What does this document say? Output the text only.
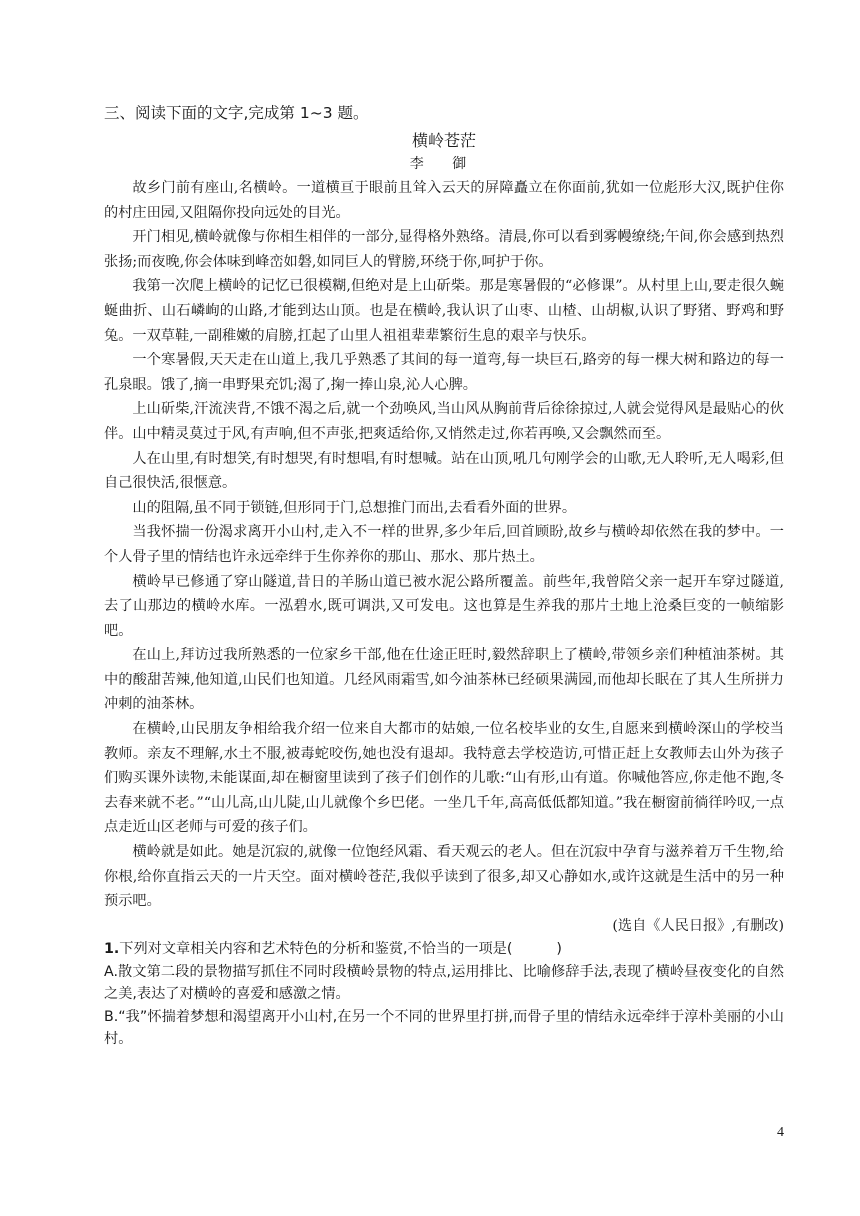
三、阅读下面的文字,完成第 1~3 题。
横岭苍茫
李 御

故乡门前有座山,名横岭。一道横亘于眼前且耸入云天的屏障矗立在你面前,犹如一位彪形大汉,既护住你的村庄田园,又阻隔你投向远处的目光。

开门相见,横岭就像与你相生相伴的一部分,显得格外熟络。清晨,你可以看到雾幔缭绕;午间,你会感到热烈张扬;而夜晚,你会体味到峰峦如磐,如同巨人的臂膀,环绕于你,呵护于你。

我第一次爬上横岭的记忆已很模糊,但绝对是上山斫柴。那是寒暑假的“必修课”。从村里上山,要走很久蜿蜒曲折、山石嶙峋的山路,才能到达山顶。也是在横岭,我认识了山枣、山楂、山胡椒,认识了野猪、野鸡和野兔。一双草鞋,一副稚嫩的肩膀,扛起了山里人祖祖辈辈繁衍生息的艰辛与快乐。

一个寒暑假,天天走在山道上,我几乎熟悉了其间的每一道弯,每一块巨石,路旁的每一棵大树和路边的每一孔泉眼。饿了,摘一串野果充饥;渴了,掬一捧山泉,沁人心脾。

上山斫柴,汗流浃背,不饿不渴之后,就一个劲唤风,当山风从胸前背后徐徐掠过,人就会觉得风是最贴心的伙伴。山中精灵莫过于风,有声响,但不声张,把爽适给你,又悄然走过,你若再唤,又会飘然而至。

人在山里,有时想笑,有时想哭,有时想唱,有时想喊。站在山顶,吼几句刚学会的山歌,无人聆听,无人喝彩,但自己很快活,很惬意。

山的阻隔,虽不同于锁链,但形同于门,总想推门而出,去看看外面的世界。

当我怀揣一份渴求离开小山村,走入不一样的世界,多少年后,回首顾盼,故乡与横岭却依然在我的梦中。一个人骨子里的情结也许永远牵绊于生你养你的那山、那水、那片热土。

横岭早已修通了穿山隧道,昔日的羊肠山道已被水泥公路所覆盖。前些年,我曾陪父亲一起开车穿过隧道,去了山那边的横岭水库。一泓碧水,既可调洪,又可发电。这也算是生养我的那片土地上沧桑巨变的一帧缩影吧。

在山上,拜访过我所熟悉的一位家乡干部,他在仕途正旺时,毅然辞职上了横岭,带领乡亲们种植油茶树。其中的酸甜苦辣,他知道,山民们也知道。几经风雨霜雪,如今油茶林已经硕果满园,而他却长眠在了其人生所拼力冲刺的油茶林。

在横岭,山民朋友争相给我介绍一位来自大都市的姑娘,一位名校毕业的女生,自愿来到横岭深山的学校当教师。亲友不理解,水土不服,被毒蛇咬伤,她也没有退却。我特意去学校造访,可惜正赶上女教师去山外为孩子们购买课外读物,未能谋面,却在橱窗里读到了孩子们创作的儿歌:“山有形,山有道。你喊他答应,你走他不跑,冬去春来就不老。”“山儿高,山儿陡,山儿就像个乡巴佬。一坐几千年,高高低低都知道。”我在橱窗前徜徉吟叹,一点点走近山区老师与可爱的孩子们。

横岭就是如此。她是沉寂的,就像一位饱经风霜、看天观云的老人。但在沉寂中孕育与滋养着万千生物,给你根,给你直指云天的一片天空。面对横岭苍茫,我似乎读到了很多,却又心静如水,或许这就是生活中的另一种预示吧。

(选自《人民日报》,有删改)

1.下列对文章相关内容和艺术特色的分析和鉴赏,不恰当的一项是(	)

A.散文第二段的景物描写抓住不同时段横岭景物的特点,运用排比、比喻修辞手法,表现了横岭昼夜变化的自然之美,表达了对横岭的喜爱和感激之情。

B.“我”怀揣着梦想和渴望离开小山村,在另一个不同的世界里打拼,而骨子里的情结永远牵绊于淳朴美丽的小山村。

4
